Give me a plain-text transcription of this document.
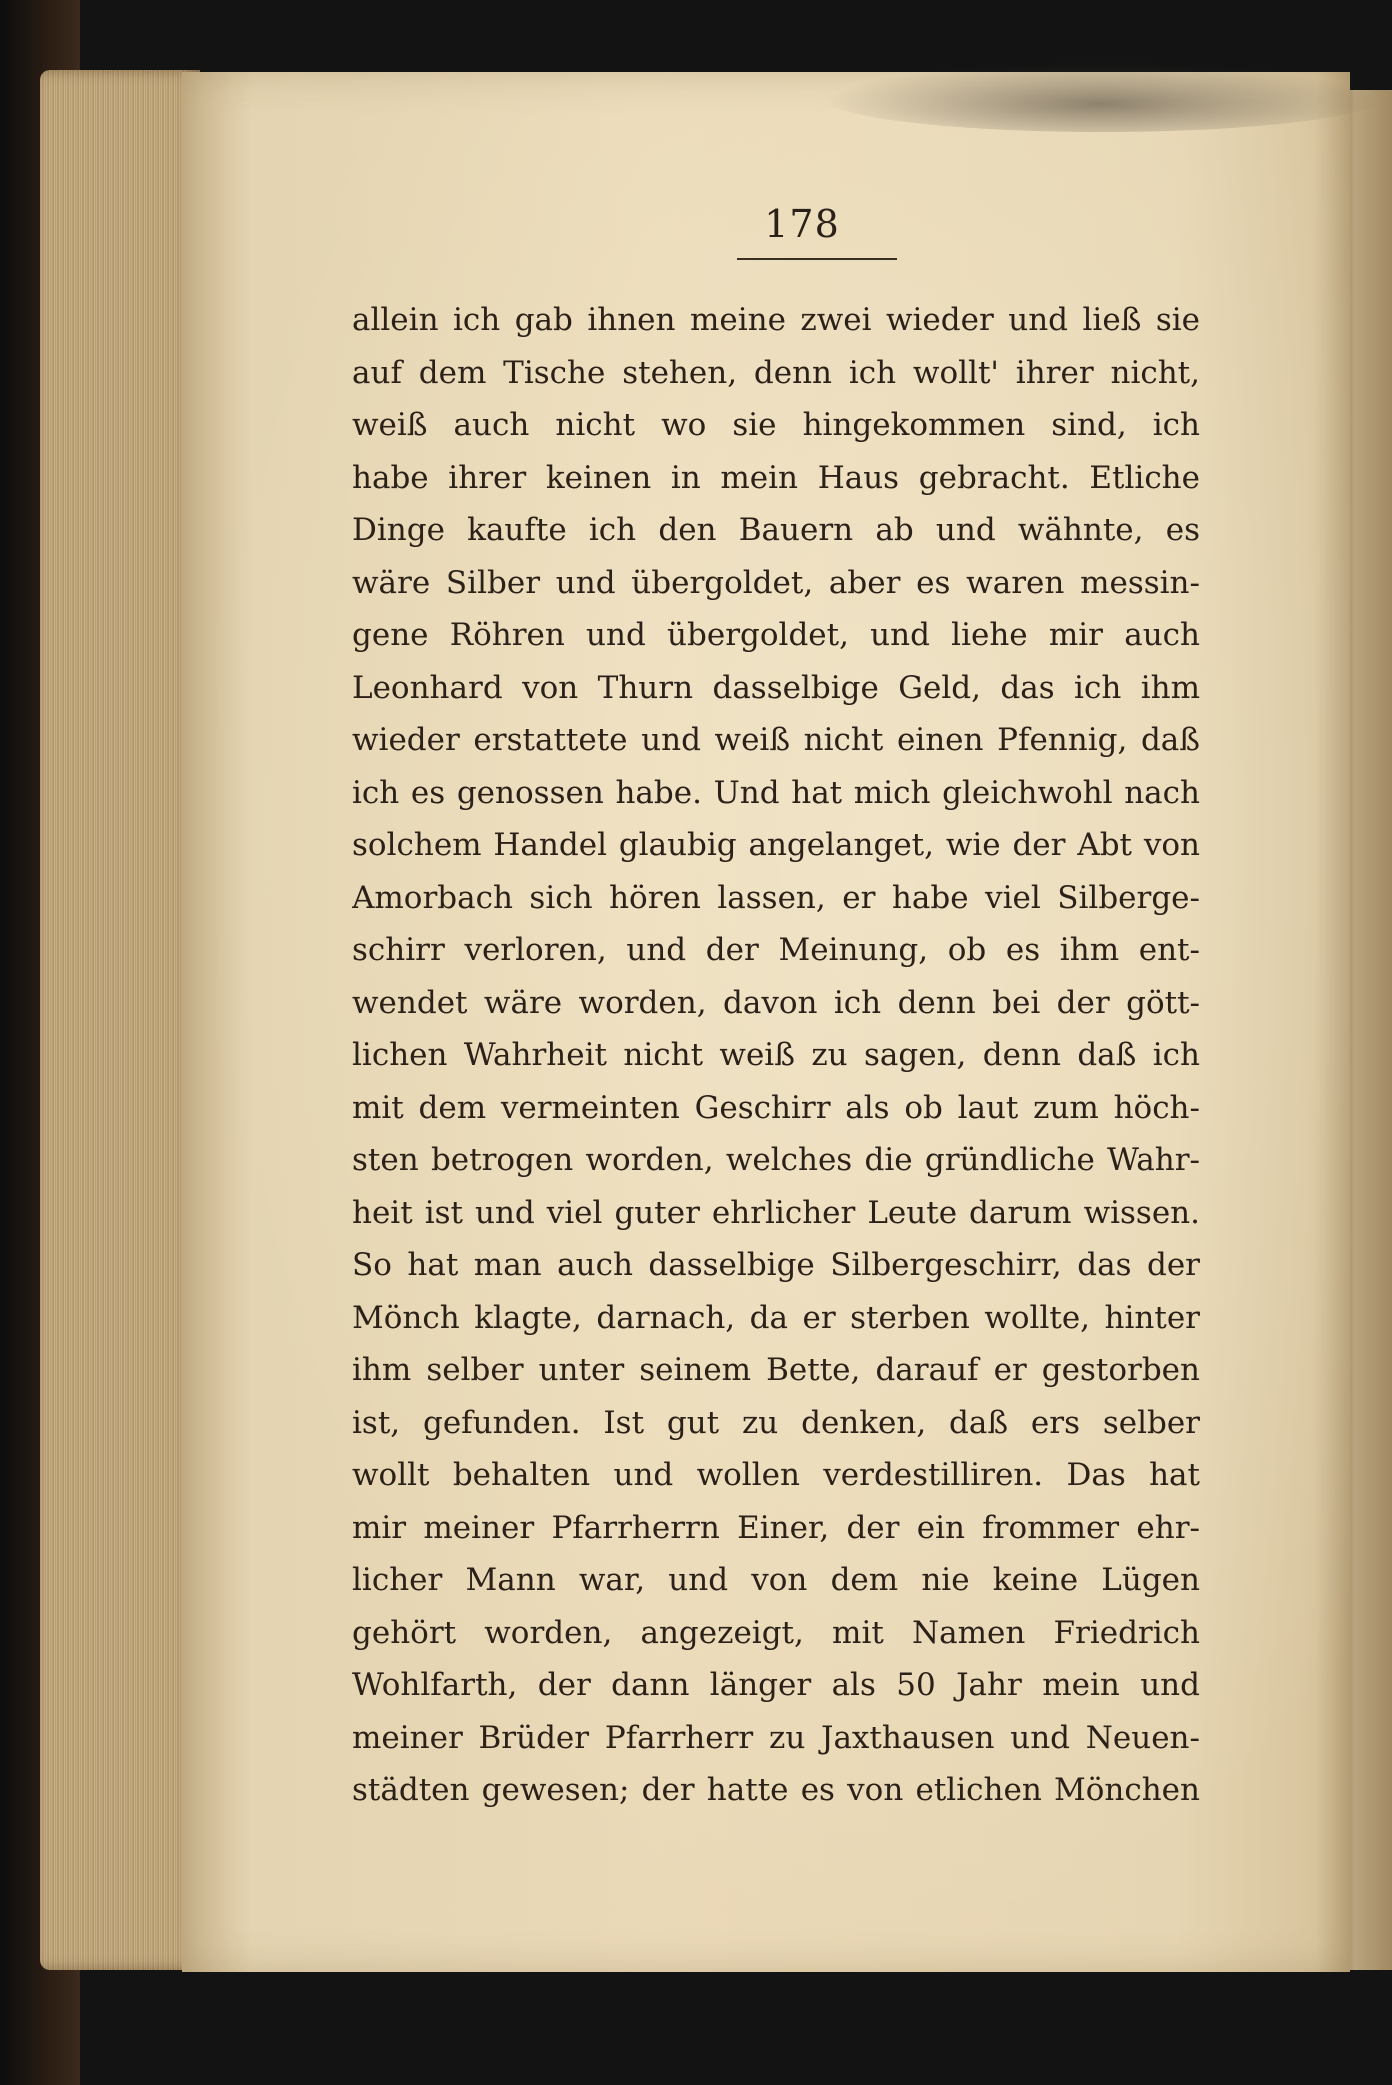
178
allein ich gab ihnen meine zwei wieder und ließ sie
auf dem Tische stehen, denn ich wollt' ihrer nicht,
weiß auch nicht wo sie hingekommen sind, ich
habe ihrer keinen in mein Haus gebracht. Etliche
Dinge kaufte ich den Bauern ab und wähnte, es
wäre Silber und übergoldet, aber es waren messin-
gene Röhren und übergoldet, und liehe mir auch
Leonhard von Thurn dasselbige Geld, das ich ihm
wieder erstattete und weiß nicht einen Pfennig, daß
ich es genossen habe. Und hat mich gleichwohl nach
solchem Handel glaubig angelanget, wie der Abt von
Amorbach sich hören lassen, er habe viel Silberge-
schirr verloren, und der Meinung, ob es ihm ent-
wendet wäre worden, davon ich denn bei der gött-
lichen Wahrheit nicht weiß zu sagen, denn daß ich
mit dem vermeinten Geschirr als ob laut zum höch-
sten betrogen worden, welches die gründliche Wahr-
heit ist und viel guter ehrlicher Leute darum wissen.
So hat man auch dasselbige Silbergeschirr, das der
Mönch klagte, darnach, da er sterben wollte, hinter
ihm selber unter seinem Bette, darauf er gestorben
ist, gefunden. Ist gut zu denken, daß ers selber
wollt behalten und wollen verdestilliren. Das hat
mir meiner Pfarrherrn Einer, der ein frommer ehr-
licher Mann war, und von dem nie keine Lügen
gehört worden, angezeigt, mit Namen Friedrich
Wohlfarth, der dann länger als 50 Jahr mein und
meiner Brüder Pfarrherr zu Jaxthausen und Neuen-
städten gewesen; der hatte es von etlichen Mönchen
